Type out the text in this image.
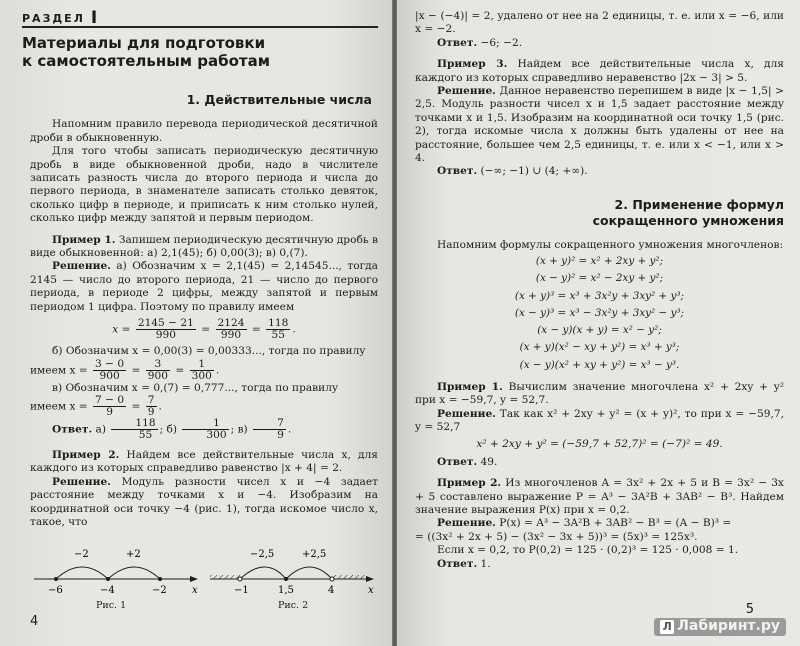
РАЗДЕЛ I
Материалы для подготовки
к самостоятельным работам
1. Действительные числа

Напомним правило перевода периодической десятичной дроби в обыкновенную.

Для того чтобы записать периодическую десятичную дробь в виде обыкновенной дроби, надо в числителе записать разность числа до второго периода и числа до первого периода, в знаменателе записать столько девяток, сколько цифр в периоде, и приписать к ним столько нулей, сколько цифр между запятой и первым периодом.

Пример 1. Запишем периодическую десятичную дробь в виде обыкновенной: а) 2,1(45); б) 0,00(3); в) 0,(7).

Решение. а) Обозначим x = 2,1(45) = 2,14545..., тогда 2145 — число до второго периода, 21 — число до первого периода, в периоде 2 цифры, между запятой и первым периодом 1 цифра. Поэтому по правилу имеем

$x = \frac{2145 - 21}{990} = \frac{2124}{990} = \frac{118}{55}$ .

б) Обозначим x = 0,00(3) = 0,00333..., тогда по правилу

имеем $x = \frac{3 - 0}{900} = \frac{3}{900} = \frac{1}{300}$ .

в) Обозначим x = 0,(7) = 0,777..., тогда по правилу

имеем $x = \frac{7 - 0}{9} = \frac{7}{9}$ .

Ответ. $а) \frac{118}{55}$ ; $б) \frac{1}{300}$ ; $в) \frac{7}{9}$ .

Пример 2. Найдем все действительные числа x, для каждого из которых справедливо равенство |x + 4| = 2.

Решение. Модуль разности чисел x и −4 задает расстояние между точками x и −4. Изобразим на координатной оси точку −4 (рис. 1), тогда искомое число x, такое, что

−2	+2
−6	−4	−2	x
−2,5	+2,5
−1	1,5	4	x
Рис. 1	Рис. 2
4

|x − (−4)| = 2, удалено от нее на 2 единицы, т. е. или x = −6, или x = −2.

Ответ. −6; −2.

Пример 3. Найдем все действительные числа x, для каждого из которых справедливо неравенство |2x − 3| > 5.

Решение. Данное неравенство перепишем в виде |x − 1,5| > 2,5. Модуль разности чисел x и 1,5 задает расстояние между точками x и 1,5. Изобразим на координатной оси точку 1,5 (рис. 2), тогда искомые числа x должны быть удалены от нее на расстояние, большее чем 2,5 единицы, т. е. или x < −1, или x > 4.

Ответ. (−∞; −1) ∪ (4; +∞).

2. Применение формул
сокращенного умножения

Напомним формулы сокращенного умножения многочленов:

(x + y)² = x² + 2xy + y²;
(x − y)² = x² − 2xy + y²;
(x + y)³ = x³ + 3x²y + 3xy² + y³;
(x − y)³ = x³ − 3x²y + 3xy² − y³;
(x − y)(x + y) = x² − y²;
(x + y)(x² − xy + y²) = x³ + y³;
(x − y)(x² + xy + y²) = x³ − y³.

Пример 1. Вычислим значение многочлена x² + 2xy + y² при x = −59,7, y = 52,7.

Решение. Так как x² + 2xy + y² = (x + y)², то при x = −59,7, y = 52,7

x² + 2xy + y² = (−59,7 + 52,7)² = (−7)² = 49.

Ответ. 49.

Пример 2. Из многочленов A = 3x² + 2x + 5 и B = 3x² − 3x + 5 составлено выражение P = A³ − 3A²B + 3AB² − B³. Найдем значение выражения P(x) при x = 0,2.

Решение. P(x) = A³ − 3A²B + 3AB² − B³ = (A − B)³ =

= ((3x² + 2x + 5) − (3x² − 3x + 5))³ = (5x)³ = 125x³.

Если x = 0,2, то P(0,2) = 125 · (0,2)³ = 125 · 0,008 = 1.

Ответ. 1.

5
Л Лабиринт.ру
